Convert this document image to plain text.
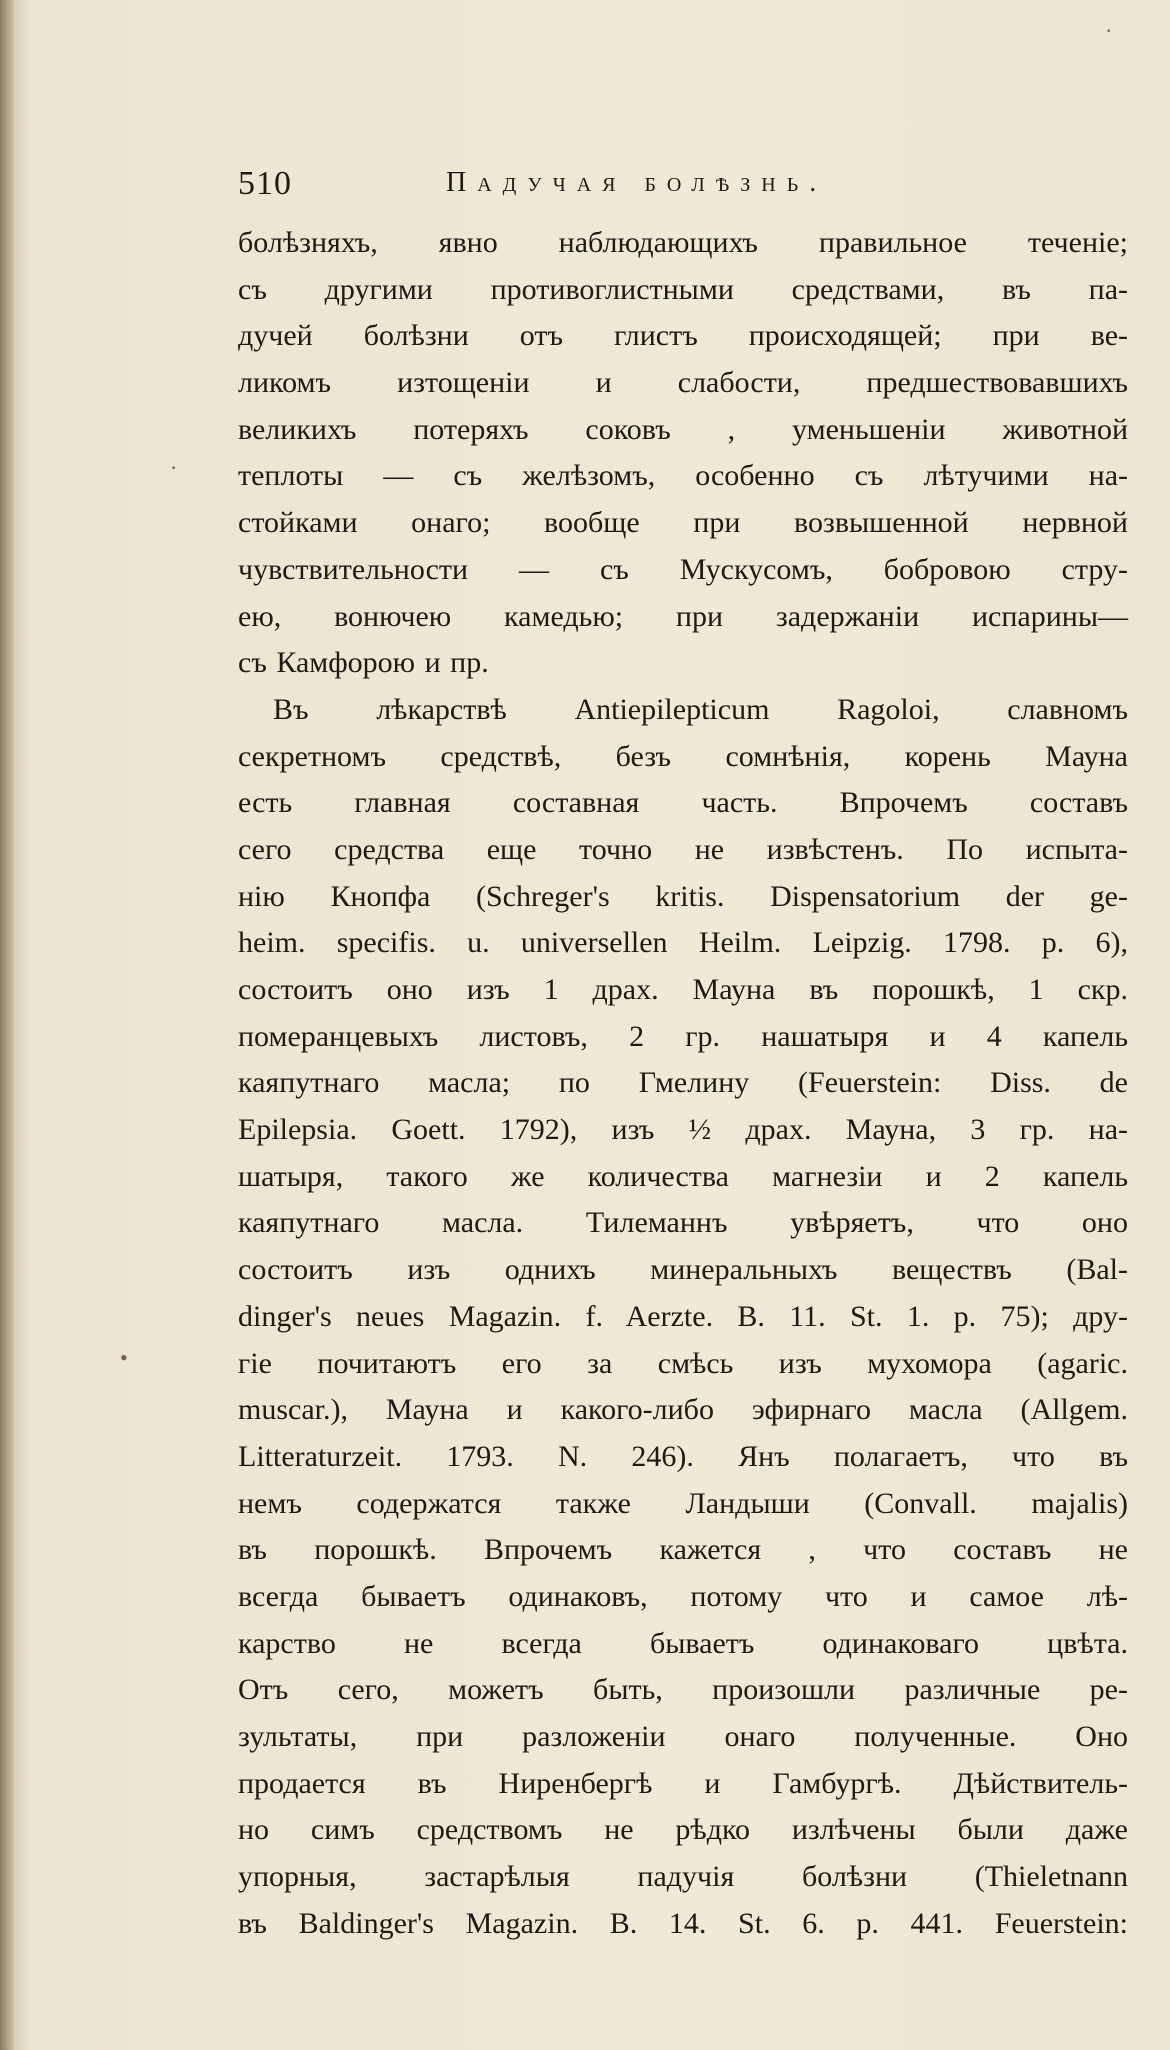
510	Падучая болѣзнь.
болѣзняхъ, явно наблюдающихъ правильное теченіе;
съ другими противоглистными средствами, въ па-
дучей болѣзни отъ глистъ происходящей; при ве-
ликомъ изтощеніи и слабости, предшествовавшихъ
великихъ потеряхъ соковъ , уменьшеніи животной
теплоты — съ желѣзомъ, особенно съ лѣтучими на-
стойками онаго; вообще при возвышенной нервной
чувствительности — съ Мускусомъ, бобровою стру-
ею, вонючею камедью; при задержаніи испарины—
съ Камфорою и пр.
Въ лѣкарствѣ Antiepilepticum Ragoloi, славномъ
секретномъ средствѣ, безъ сомнѣнія, корень Мауна
есть главная составная часть. Впрочемъ составъ
сего средства еще точно не извѣстенъ. По испыта-
нію Кнопфа (Schreger's kritis. Dispensatorium der ge-
heim. specifis. u. universellen Heilm. Leipzig. 1798. p. 6),
состоитъ оно изъ 1 драх. Мауна въ порошкѣ, 1 скр.
померанцевыхъ листовъ, 2 гр. нашатыря и 4 капель
каяпутнаго масла; по Гмелину (Feuerstein: Diss. de
Epilepsia. Goett. 1792), изъ ½ драх. Мауна, 3 гр. на-
шатыря, такого же количества магнезіи и 2 капель
каяпутнаго масла. Тилеманнъ увѣряетъ, что оно
состоитъ изъ однихъ минеральныхъ веществъ (Bal-
dinger's neues Magazin. f. Aerzte. B. 11. St. 1. p. 75); дру-
гіе почитаютъ его за смѣсь изъ мухомора (agaric.
muscar.), Мауна и какого-либо эфирнаго масла (Allgem.
Litteraturzeit. 1793. N. 246). Янъ полагаетъ, что въ
немъ содержатся также Ландыши (Convall. majalis)
въ порошкѣ. Впрочемъ кажется , что составъ не
всегда бываетъ одинаковъ, потому что и самое лѣ-
карство не всегда бываетъ одинаковаго цвѣта.
Отъ сего, можетъ быть, произошли различные ре-
зультаты, при разложеніи онаго полученные. Оно
продается въ Ниренбергѣ и Гамбургѣ. Дѣйствитель-
но симъ средствомъ не рѣдко излѣчены были даже
упорныя, застарѣлыя падучія болѣзни (Thieletnann
въ Baldinger's Magazin. B. 14. St. 6. p. 441. Feuerstein:
·
·
•
